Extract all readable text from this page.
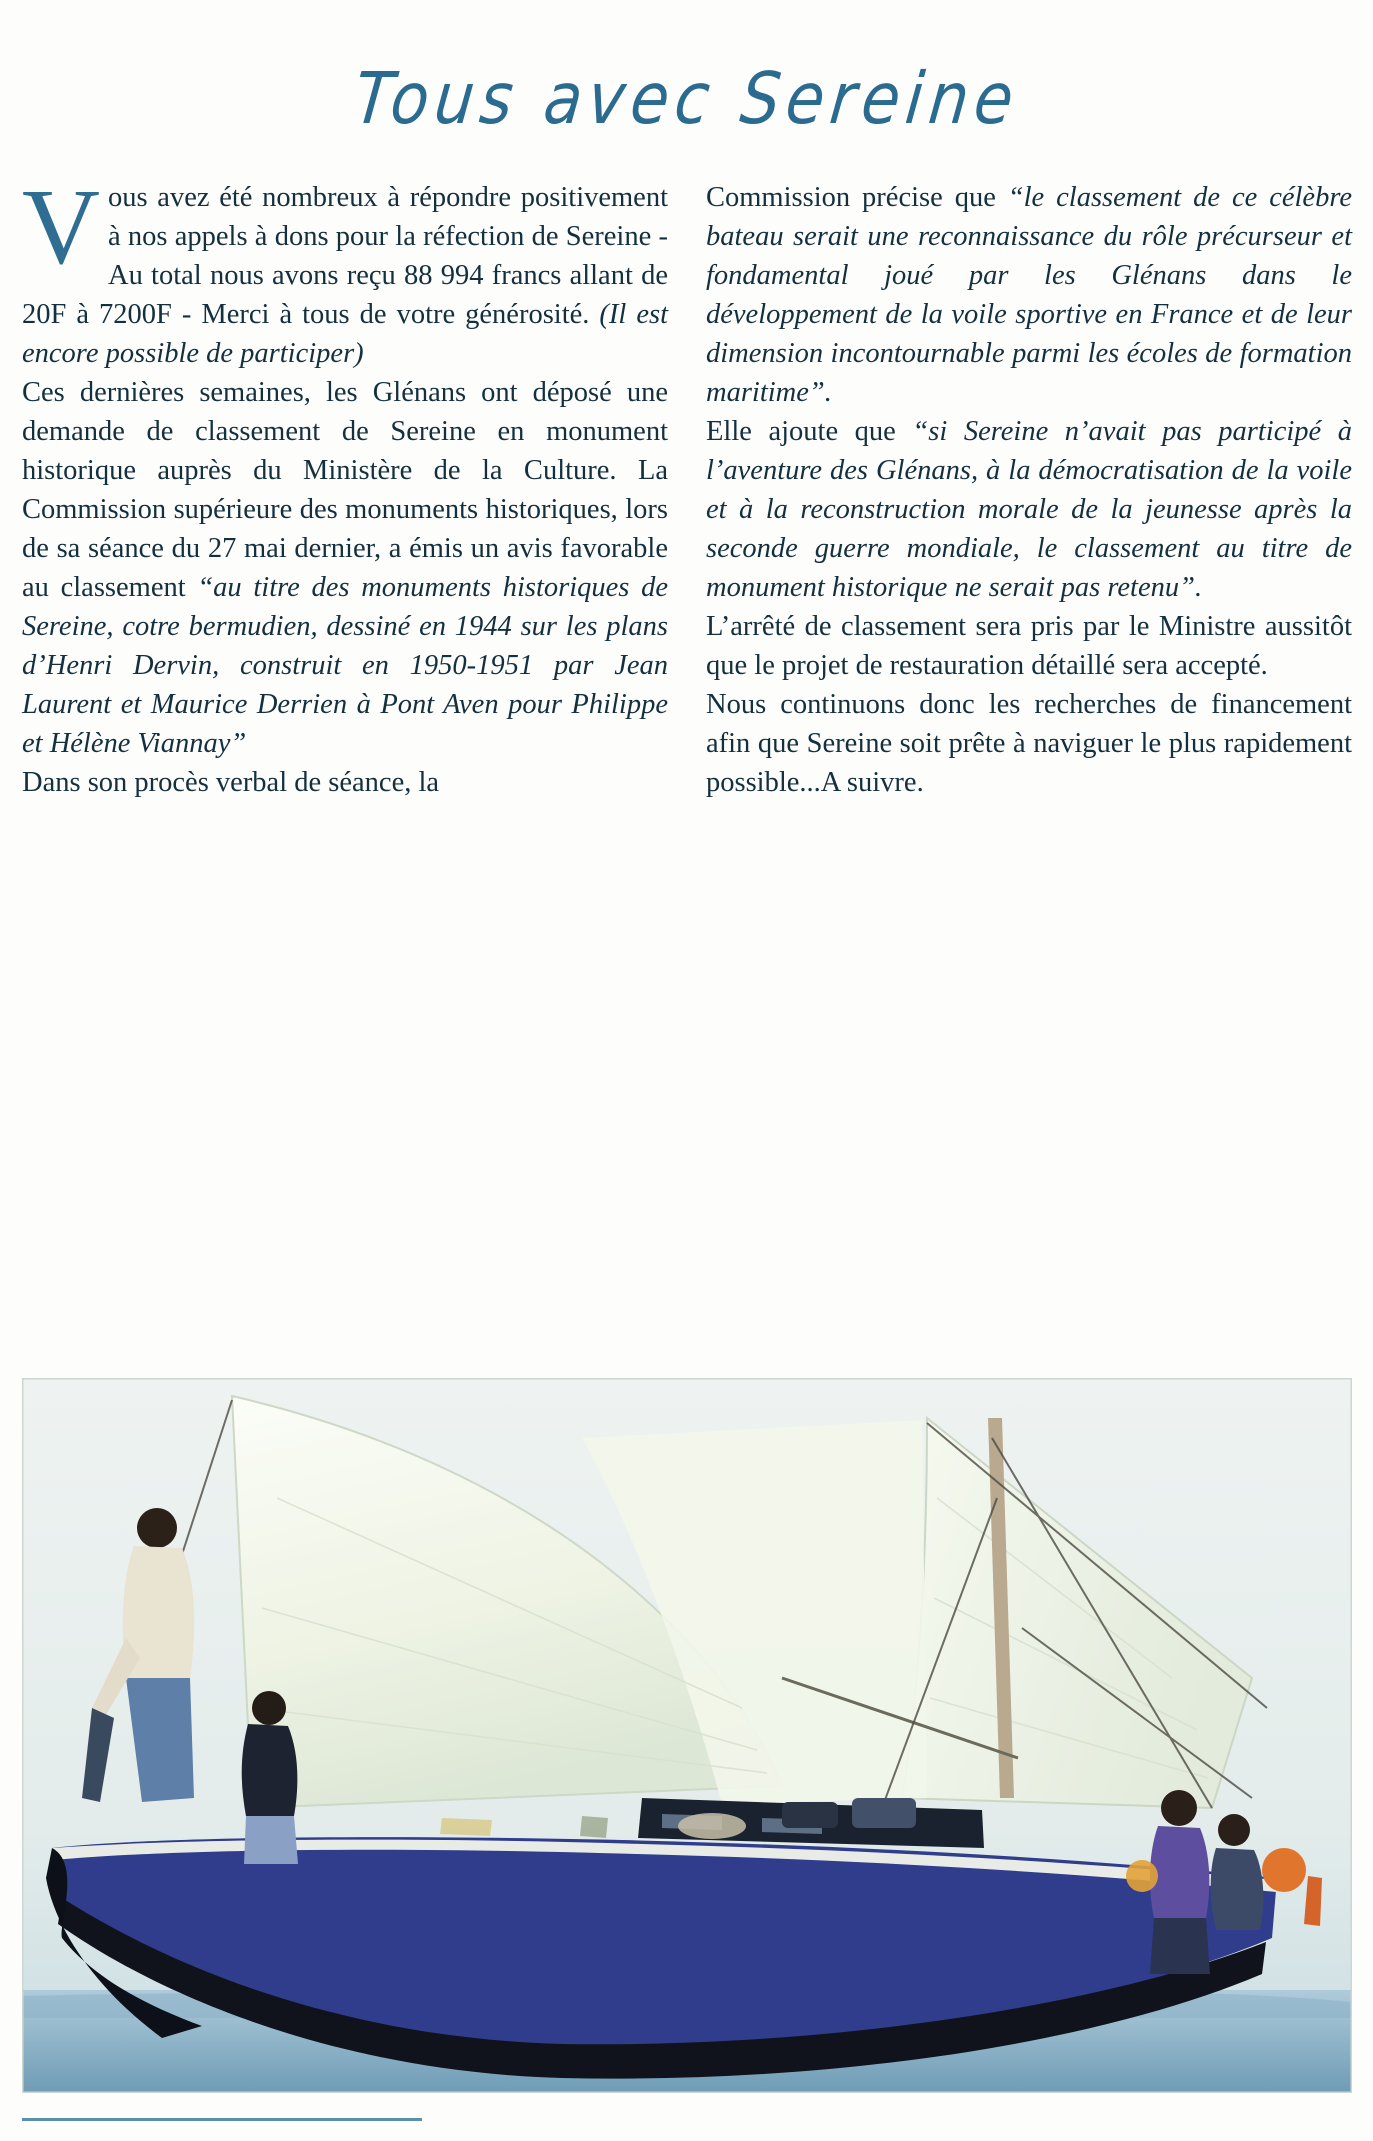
Tous avec Sereine

Vous avez été nombreux à répondre positivement à nos appels à dons pour la réfection de Sereine - Au total nous avons reçu 88 994 francs allant de 20F à 7200F - Merci à tous de votre générosité. (Il est encore possible de participer)

Ces dernières semaines, les Glénans ont déposé une demande de classement de Sereine en monument historique auprès du Ministère de la Culture. La Commission supérieure des monuments historiques, lors de sa séance du 27 mai dernier, a émis un avis favorable au classement “au titre des monuments historiques de Sereine, cotre bermudien, dessiné en 1944 sur les plans d’Henri Dervin, construit en 1950-1951 par Jean Laurent et Maurice Derrien à Pont Aven pour Philippe et Hélène Viannay”

Dans son procès verbal de séance, la

Commission précise que “le classement de ce célèbre bateau serait une reconnaissance du rôle précurseur et fondamental joué par les Glénans dans le développement de la voile sportive en France et de leur dimension incontournable parmi les écoles de formation maritime”.

Elle ajoute que “si Sereine n’avait pas participé à l’aventure des Glénans, à la démocratisation de la voile et à la reconstruction morale de la jeunesse après la seconde guerre mondiale, le classement au titre de monument historique ne serait pas retenu”.

L’arrêté de classement sera pris par le Ministre aussitôt que le projet de restauration détaillé sera accepté.

Nous continuons donc les recherches de financement afin que Sereine soit prête à naviguer le plus rapidement possible...A suivre.
